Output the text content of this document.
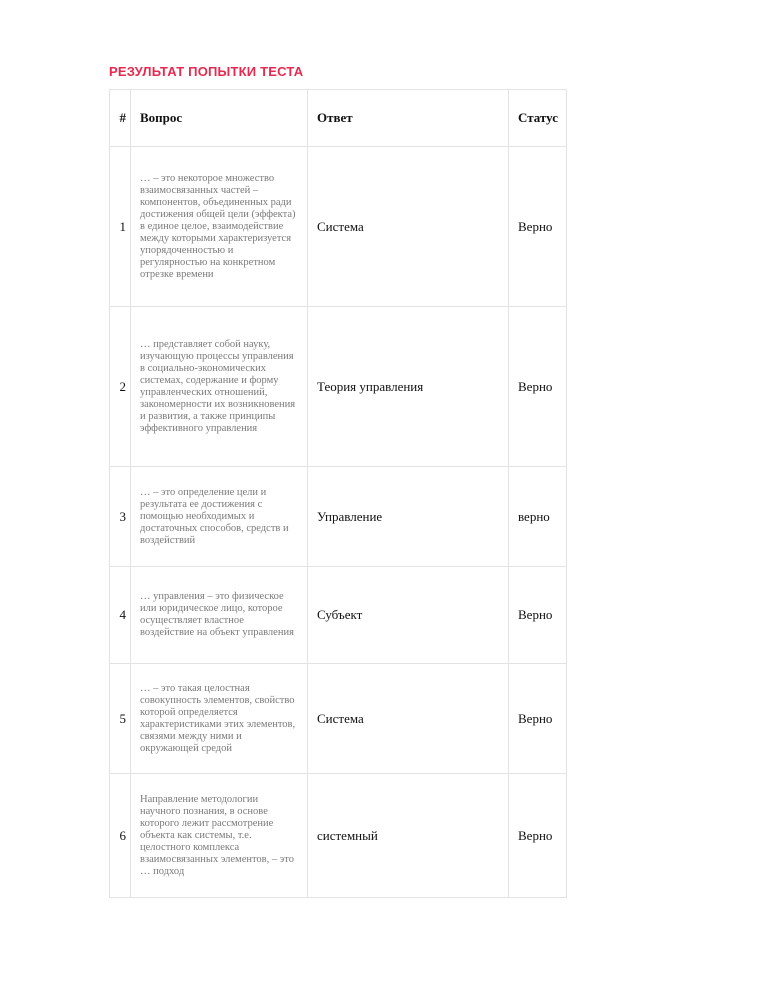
РЕЗУЛЬТАТ ПОПЫТКИ ТЕСТА
#	Вопрос	Ответ	Статус
1	… – это некоторое множество взаимосвязанных частей – компонентов, объединенных ради достижения общей цели (эффекта) в единое целое, взаимодействие между которыми характеризуется упорядоченностью и регулярностью на конкретном отрезке времени	Система	Верно
2	… представляет собой науку, изучающую процессы управления в социально-экономических системах, содержание и форму управленческих отношений, закономерности их возникновения и развития, а также принципы эффективного управления	Теория управления	Верно
3	… – это определение цели и результата ее достижения с помощью необходимых и достаточных способов, средств и воздействий	Управление	верно
4	… управления – это физическое или юридическое лицо, которое осуществляет властное воздействие на объект управления	Субъект	Верно
5	… – это такая целостная совокупность элементов, свойство которой определяется характеристиками этих элементов, связями между ними и окружающей средой	Система	Верно
6	Направление методологии научного познания, в основе которого лежит рассмотрение объекта как системы, т.е. целостного комплекса взаимосвязанных элементов, – это … подход	системный	Верно
